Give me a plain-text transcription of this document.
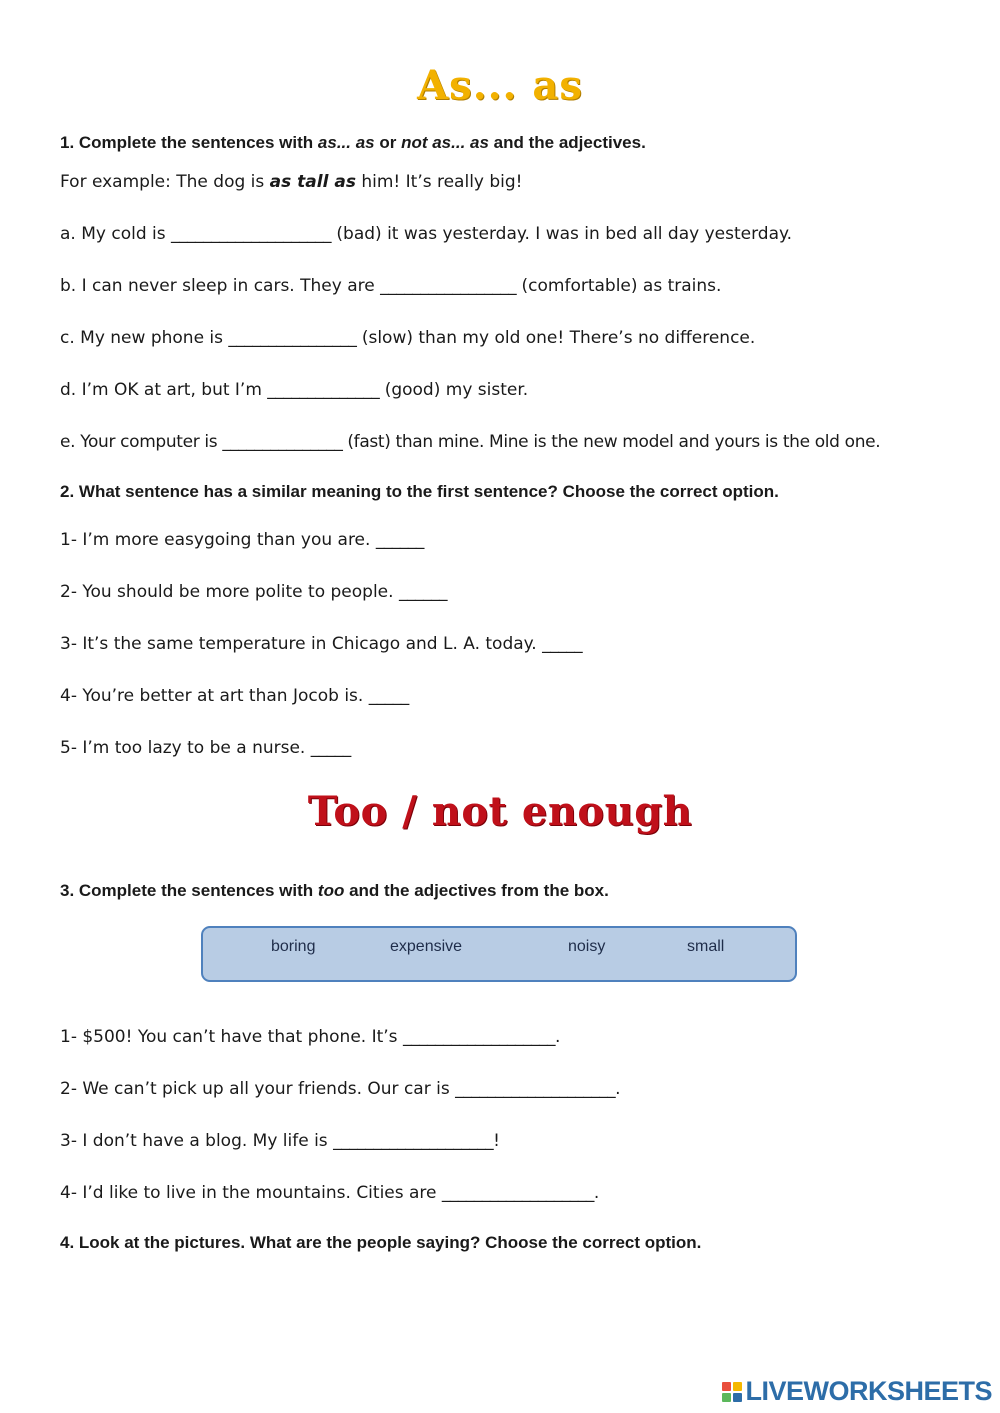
As... as
1. Complete the sentences with as... as or not as... as and the adjectives.
For example: The dog is as tall as him! It’s really big!
a. My cold is ____________________ (bad) it was yesterday. I was in bed all day yesterday.
b. I can never sleep in cars. They are _________________ (comfortable) as trains.
c. My new phone is ________________ (slow) than my old one! There’s no difference.
d. I’m OK at art, but I’m ______________ (good) my sister.
e. Your computer is _______________ (fast) than mine. Mine is the new model and yours is the old one.
2. What sentence has a similar meaning to the first sentence? Choose the correct option.
1- I’m more easygoing than you are. ______
2- You should be more polite to people. ______
3- It’s the same temperature in Chicago and L. A. today. _____
4- You’re better at art than Jocob is. _____
5- I’m too lazy to be a nurse. _____
Too / not enough
3. Complete the sentences with too and the adjectives from the box.
boring	expensive	noisy	small
1- $500! You can’t have that phone. It’s ___________________.
2- We can’t pick up all your friends. Our car is ____________________.
3- I don’t have a blog. My life is ____________________!
4- I’d like to live in the mountains. Cities are ___________________.
4. Look at the pictures. What are the people saying? Choose the correct option.
LIVEWORKSHEETS
